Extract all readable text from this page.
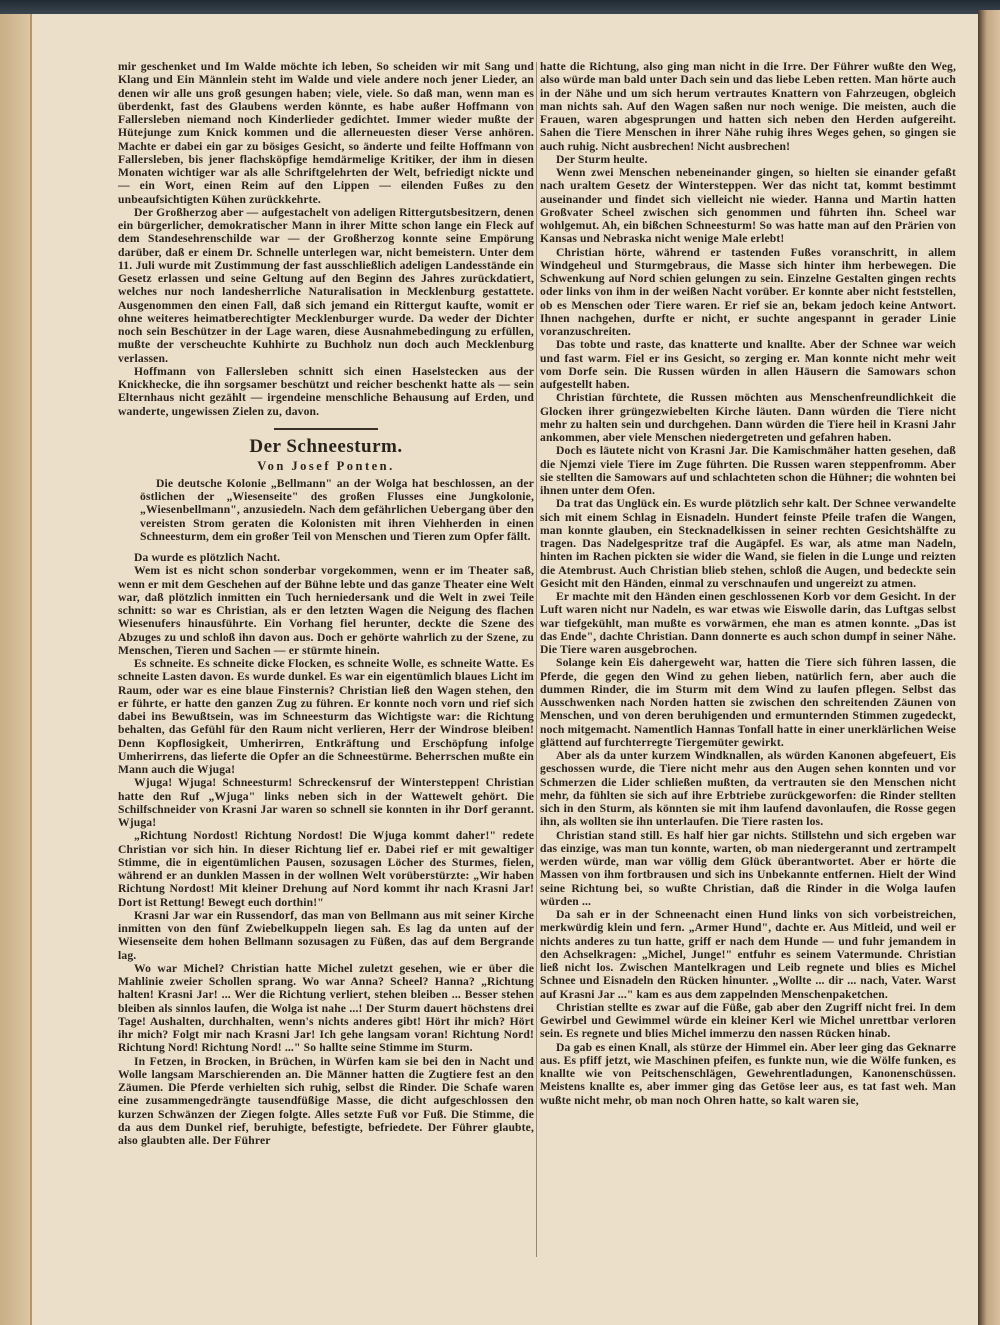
mir geschenket und Im Walde möchte ich leben, So scheiden wir mit Sang und Klang und Ein Männlein steht im Walde und viele andere noch jener Lieder, an denen wir alle uns groß gesungen haben; viele, viele. So daß man, wenn man es überdenkt, fast des Glaubens werden könnte, es habe außer Hoffmann von Fallersleben niemand noch Kinderlieder gedichtet. Immer wieder mußte der Hütejunge zum Knick kommen und die allerneuesten dieser Verse anhören. Machte er dabei ein gar zu bösiges Gesicht, so änderte und feilte Hoffmann von Fallersleben, bis jener flachsköpfige hemdärmelige Kritiker, der ihm in diesen Monaten wichtiger war als alle Schriftgelehrten der Welt, befriedigt nickte und — ein Wort, einen Reim auf den Lippen — eilenden Fußes zu den unbeaufsichtigten Kühen zurückkehrte.

Der Großherzog aber — aufgestachelt von adeligen Rittergutsbesitzern, denen ein bürgerlicher, demokratischer Mann in ihrer Mitte schon lange ein Fleck auf dem Standesehrenschilde war — der Großherzog konnte seine Empörung darüber, daß er einem Dr. Schnelle unterlegen war, nicht bemeistern. Unter dem 11. Juli wurde mit Zustimmung der fast ausschließlich adeligen Landesstände ein Gesetz erlassen und seine Geltung auf den Beginn des Jahres zurückdatiert, welches nur noch landesherrliche Naturalisation in Mecklenburg gestattete. Ausgenommen den einen Fall, daß sich jemand ein Rittergut kaufte, womit er ohne weiteres heimatberechtigter Mecklenburger wurde. Da weder der Dichter noch sein Beschützer in der Lage waren, diese Ausnahmebedingung zu erfüllen, mußte der verscheuchte Kuhhirte zu Buchholz nun doch auch Mecklenburg verlassen.

Hoffmann von Fallersleben schnitt sich einen Haselstecken aus der Knickhecke, die ihn sorgsamer beschützt und reicher beschenkt hatte als — sein Elternhaus nicht gezählt — irgendeine menschliche Behausung auf Erden, und wanderte, ungewissen Zielen zu, davon.

Der Schneesturm.
Von Josef Ponten.

Die deutsche Kolonie „Bellmann" an der Wolga hat beschlossen, an der östlichen der „Wiesenseite" des großen Flusses eine Jungkolonie, „Wiesenbellmann", anzusiedeln. Nach dem gefährlichen Uebergang über den vereisten Strom geraten die Kolonisten mit ihren Viehherden in einen Schneesturm, dem ein großer Teil von Menschen und Tieren zum Opfer fällt.

Da wurde es plötzlich Nacht.

Wem ist es nicht schon sonderbar vorgekommen, wenn er im Theater saß, wenn er mit dem Geschehen auf der Bühne lebte und das ganze Theater eine Welt war, daß plötzlich inmitten ein Tuch herniedersank und die Welt in zwei Teile schnitt: so war es Christian, als er den letzten Wagen die Neigung des flachen Wiesenufers hinausführte. Ein Vorhang fiel herunter, deckte die Szene des Abzuges zu und schloß ihn davon aus. Doch er gehörte wahrlich zu der Szene, zu Menschen, Tieren und Sachen — er stürmte hinein.

Es schneite. Es schneite dicke Flocken, es schneite Wolle, es schneite Watte. Es schneite Lasten davon. Es wurde dunkel. Es war ein eigentümlich blaues Licht im Raum, oder war es eine blaue Finsternis? Christian ließ den Wagen stehen, den er führte, er hatte den ganzen Zug zu führen. Er konnte noch vorn und rief sich dabei ins Bewußtsein, was im Schneesturm das Wichtigste war: die Richtung behalten, das Gefühl für den Raum nicht verlieren, Herr der Windrose bleiben! Denn Kopflosigkeit, Umherirren, Entkräftung und Erschöpfung infolge Umherirrens, das lieferte die Opfer an die Schneestürme. Beherrschen mußte ein Mann auch die Wjuga!

Wjuga! Wjuga! Schneesturm! Schreckensruf der Wintersteppen! Christian hatte den Ruf „Wjuga" links neben sich in der Wattewelt gehört. Die Schilfschneider von Krasni Jar waren so schnell sie konnten in ihr Dorf gerannt. Wjuga!

„Richtung Nordost! Richtung Nordost! Die Wjuga kommt daher!" redete Christian vor sich hin. In dieser Richtung lief er. Dabei rief er mit gewaltiger Stimme, die in eigentümlichen Pausen, sozusagen Löcher des Sturmes, fielen, während er an dunklen Massen in der wollnen Welt vorüberstürzte: „Wir haben Richtung Nordost! Mit kleiner Drehung auf Nord kommt ihr nach Krasni Jar! Dort ist Rettung! Bewegt euch dorthin!"

Krasni Jar war ein Russendorf, das man von Bellmann aus mit seiner Kirche inmitten von den fünf Zwiebelkuppeln liegen sah. Es lag da unten auf der Wiesenseite dem hohen Bellmann sozusagen zu Füßen, das auf dem Bergrande lag.

Wo war Michel? Christian hatte Michel zuletzt gesehen, wie er über die Mahlinie zweier Schollen sprang. Wo war Anna? Scheel? Hanna? „Richtung halten! Krasni Jar! ... Wer die Richtung verliert, stehen bleiben ... Besser stehen bleiben als sinnlos laufen, die Wolga ist nahe ...! Der Sturm dauert höchstens drei Tage! Aushalten, durchhalten, wenn's nichts anderes gibt! Hört ihr mich? Hört ihr mich? Folgt mir nach Krasni Jar! Ich gehe langsam voran! Richtung Nord! Richtung Nord! Richtung Nord! ..." So hallte seine Stimme im Sturm.

In Fetzen, in Brocken, in Brüchen, in Würfen kam sie bei den in Nacht und Wolle langsam Marschierenden an. Die Männer hatten die Zugtiere fest an den Zäumen. Die Pferde verhielten sich ruhig, selbst die Rinder. Die Schafe waren eine zusammengedrängte tausendfüßige Masse, die dicht aufgeschlossen den kurzen Schwänzen der Ziegen folgte. Alles setzte Fuß vor Fuß. Die Stimme, die da aus dem Dunkel rief, beruhigte, befestigte, befriedete. Der Führer glaubte, also glaubten alle. Der Führer

hatte die Richtung, also ging man nicht in die Irre. Der Führer wußte den Weg, also würde man bald unter Dach sein und das liebe Leben retten. Man hörte auch in der Nähe und um sich herum vertrautes Knattern von Fahrzeugen, obgleich man nichts sah. Auf den Wagen saßen nur noch wenige. Die meisten, auch die Frauen, waren abgesprungen und hatten sich neben den Herden aufgereiht. Sahen die Tiere Menschen in ihrer Nähe ruhig ihres Weges gehen, so gingen sie auch ruhig. Nicht ausbrechen! Nicht ausbrechen!

Der Sturm heulte.

Wenn zwei Menschen nebeneinander gingen, so hielten sie einander gefaßt nach uraltem Gesetz der Wintersteppen. Wer das nicht tat, kommt bestimmt auseinander und findet sich vielleicht nie wieder. Hanna und Martin hatten Großvater Scheel zwischen sich genommen und führten ihn. Scheel war wohlgemut. Ah, ein bißchen Schneesturm! So was hatte man auf den Prärien von Kansas und Nebraska nicht wenige Male erlebt!

Christian hörte, während er tastenden Fußes voranschritt, in allem Windgeheul und Sturmgebraus, die Masse sich hinter ihm herbewegen. Die Schwenkung auf Nord schien gelungen zu sein. Einzelne Gestalten gingen rechts oder links von ihm in der weißen Nacht vorüber. Er konnte aber nicht feststellen, ob es Menschen oder Tiere waren. Er rief sie an, bekam jedoch keine Antwort. Ihnen nachgehen, durfte er nicht, er suchte angespannt in gerader Linie voranzuschreiten.

Das tobte und raste, das knatterte und knallte. Aber der Schnee war weich und fast warm. Fiel er ins Gesicht, so zerging er. Man konnte nicht mehr weit vom Dorfe sein. Die Russen würden in allen Häusern die Samowars schon aufgestellt haben.

Christian fürchtete, die Russen möchten aus Menschenfreundlichkeit die Glocken ihrer grüngezwiebelten Kirche läuten. Dann würden die Tiere nicht mehr zu halten sein und durchgehen. Dann würden die Tiere heil in Krasni Jahr ankommen, aber viele Menschen niedergetreten und gefahren haben.

Doch es läutete nicht von Krasni Jar. Die Kamischmäher hatten gesehen, daß die Njemzi viele Tiere im Zuge führten. Die Russen waren steppenfromm. Aber sie stellten die Samowars auf und schlachteten schon die Hühner; die wohnten bei ihnen unter dem Ofen.

Da trat das Unglück ein. Es wurde plötzlich sehr kalt. Der Schnee verwandelte sich mit einem Schlag in Eisnadeln. Hundert feinste Pfeile trafen die Wangen, man konnte glauben, ein Stecknadelkissen in seiner rechten Gesichtshälfte zu tragen. Das Nadelgespritze traf die Augäpfel. Es war, als atme man Nadeln, hinten im Rachen pickten sie wider die Wand, sie fielen in die Lunge und reizten die Atembrust. Auch Christian blieb stehen, schloß die Augen, und bedeckte sein Gesicht mit den Händen, einmal zu verschnaufen und ungereizt zu atmen.

Er machte mit den Händen einen geschlossenen Korb vor dem Gesicht. In der Luft waren nicht nur Nadeln, es war etwas wie Eiswolle darin, das Luftgas selbst war tiefgekühlt, man mußte es vorwärmen, ehe man es atmen konnte. „Das ist das Ende", dachte Christian. Dann donnerte es auch schon dumpf in seiner Nähe. Die Tiere waren ausgebrochen.

Solange kein Eis dahergeweht war, hatten die Tiere sich führen lassen, die Pferde, die gegen den Wind zu gehen lieben, natürlich fern, aber auch die dummen Rinder, die im Sturm mit dem Wind zu laufen pflegen. Selbst das Ausschwenken nach Norden hatten sie zwischen den schreitenden Zäunen von Menschen, und von deren beruhigenden und ermunternden Stimmen zugedeckt, noch mitgemacht. Namentlich Hannas Tonfall hatte in einer unerklärlichen Weise glättend auf furchterregte Tiergemüter gewirkt.

Aber als da unter kurzem Windknallen, als würden Kanonen abgefeuert, Eis geschossen wurde, die Tiere nicht mehr aus den Augen sehen konnten und vor Schmerzen die Lider schließen mußten, da vertrauten sie den Menschen nicht mehr, da fühlten sie sich auf ihre Erbtriebe zurückgeworfen: die Rinder stellten sich in den Sturm, als könnten sie mit ihm laufend davonlaufen, die Rosse gegen ihn, als wollten sie ihn unterlaufen. Die Tiere rasten los.

Christian stand still. Es half hier gar nichts. Stillstehn und sich ergeben war das einzige, was man tun konnte, warten, ob man niedergerannt und zertrampelt werden würde, man war völlig dem Glück überantwortet. Aber er hörte die Massen von ihm fortbrausen und sich ins Unbekannte entfernen. Hielt der Wind seine Richtung bei, so wußte Christian, daß die Rinder in die Wolga laufen würden ...

Da sah er in der Schneenacht einen Hund links von sich vorbeistreichen, merkwürdig klein und fern. „Armer Hund", dachte er. Aus Mitleid, und weil er nichts anderes zu tun hatte, griff er nach dem Hunde — und fuhr jemandem in den Achselkragen: „Michel, Junge!" entfuhr es seinem Vatermunde. Christian ließ nicht los. Zwischen Mantelkragen und Leib regnete und blies es Michel Schnee und Eisnadeln den Rücken hinunter. „Wollte ... dir ... nach, Vater. Warst auf Krasni Jar ..." kam es aus dem zappelnden Menschenpaketchen.

Christian stellte es zwar auf die Füße, gab aber den Zugriff nicht frei. In dem Gewirbel und Gewimmel würde ein kleiner Kerl wie Michel unrettbar verloren sein. Es regnete und blies Michel immerzu den nassen Rücken hinab.

Da gab es einen Knall, als stürze der Himmel ein. Aber leer ging das Geknarre aus. Es pfiff jetzt, wie Maschinen pfeifen, es funkte nun, wie die Wölfe funken, es knallte wie von Peitschenschlägen, Gewehrentladungen, Kanonenschüssen. Meistens knallte es, aber immer ging das Getöse leer aus, es tat fast weh. Man wußte nicht mehr, ob man noch Ohren hatte, so kalt waren sie,
